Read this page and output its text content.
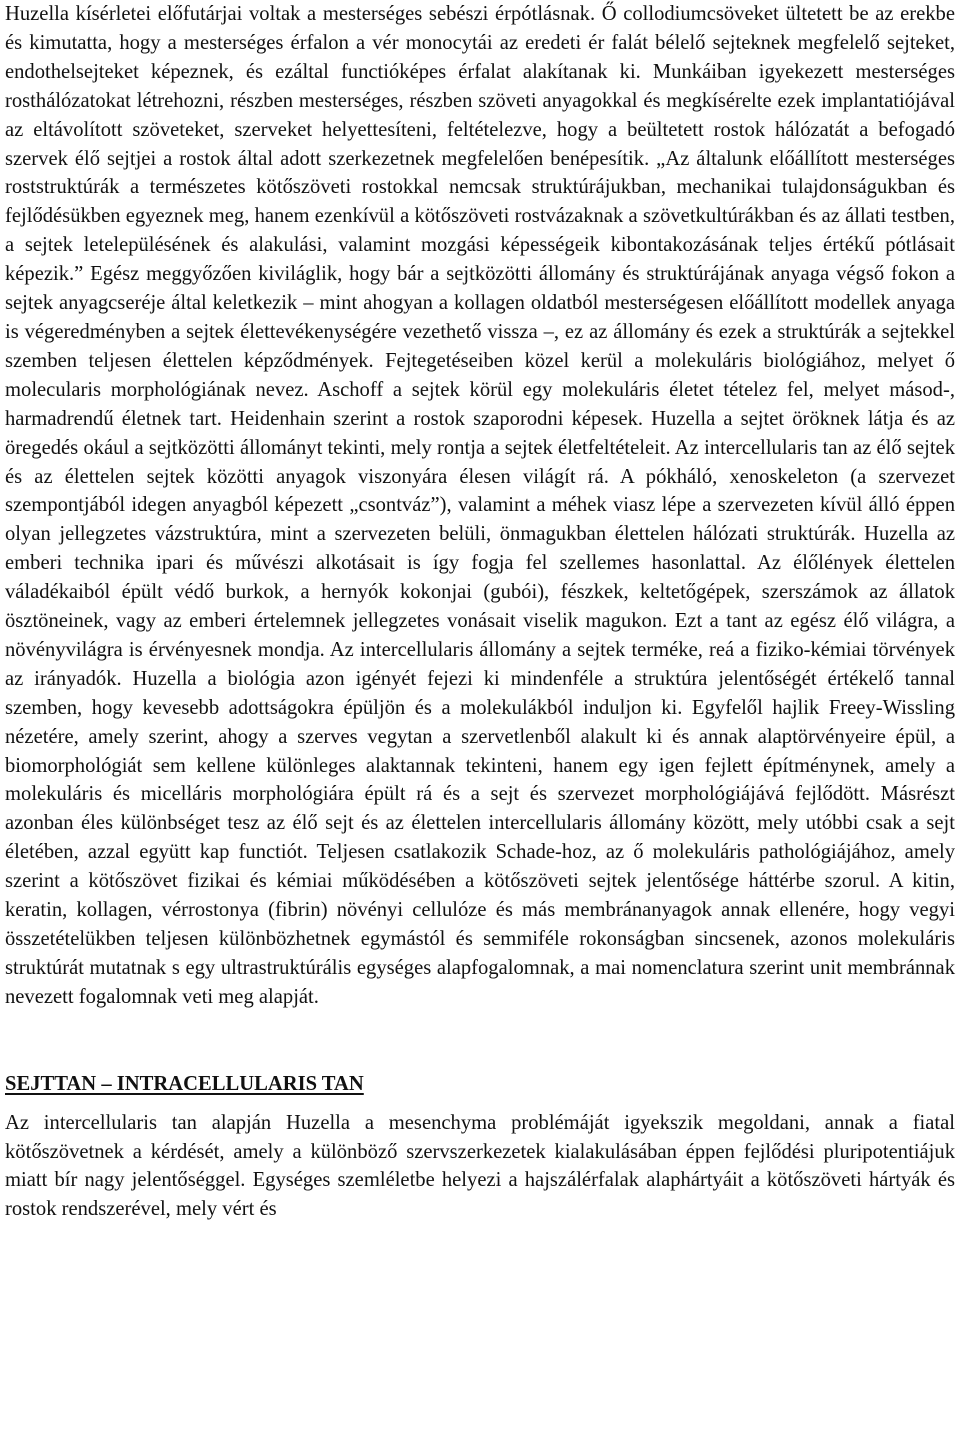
Huzella kísérletei előfutárjai voltak a mesterséges sebészi érpótlásnak. Ő collodiumcsöveket ültetett be az erekbe és kimutatta, hogy a mesterséges érfalon a vér monocytái az eredeti ér falát bélelő sejteknek megfelelő sejteket, endothelsejteket képeznek, és ezáltal functióképes érfalat alakítanak ki. Munkáiban igyekezett mesterséges rosthálózatokat létrehozni, részben mesterséges, részben szöveti anyagokkal és megkísérelte ezek implantatiójával az eltávolított szöveteket, szerveket helyettesíteni, feltételezve, hogy a beültetett rostok hálózatát a befogadó szervek élő sejtjei a rostok által adott szerkezetnek megfelelően benépesítik. „Az általunk előállított mesterséges roststruktúrák a természetes kötőszöveti rostokkal nemcsak struktúrájukban, mechanikai tulajdonságukban és fejlődésükben egyeznek meg, hanem ezenkívül a kötőszöveti rostvázaknak a szövetkultúrákban és az állati testben, a sejtek letelepülésének és alakulási, valamint mozgási képességeik kibontakozásának teljes értékű pótlásait képezik.” Egész meggyőzően kiviláglik, hogy bár a sejtközötti állomány és struktúrájának anyaga végső fokon a sejtek anyagcseréje által keletkezik – mint ahogyan a kollagen oldatból mesterségesen előállított modellek anyaga is végeredményben a sejtek élettevékenységére vezethető vissza –, ez az állomány és ezek a struktúrák a sejtekkel szemben teljesen élettelen képződmények. Fejtegetéseiben közel kerül a molekuláris biológiához, melyet ő molecularis morphológiának nevez. Aschoff a sejtek körül egy molekuláris életet tételez fel, melyet másod-, harmadrendű életnek tart. Heidenhain szerint a rostok szaporodni képesek. Huzella a sejtet öröknek látja és az öregedés okául a sejtközötti állományt tekinti, mely rontja a sejtek életfeltételeit. Az intercellularis tan az élő sejtek és az élettelen sejtek közötti anyagok viszonyára élesen világít rá. A pókháló, xenoskeleton (a szervezet szempontjából idegen anyagból képezett „csontváz”), valamint a méhek viasz lépe a szervezeten kívül álló éppen olyan jellegzetes vázstruktúra, mint a szervezeten belüli, önmagukban élettelen hálózati struktúrák. Huzella az emberi technika ipari és művészi alkotásait is így fogja fel szellemes hasonlattal. Az élőlények élettelen váladékaiból épült védő burkok, a hernyók kokonjai (gubói), fészkek, keltetőgépek, szerszámok az állatok ösztöneinek, vagy az emberi értelemnek jellegzetes vonásait viselik magukon. Ezt a tant az egész élő világra, a növényvilágra is érvényesnek mondja. Az intercellularis állomány a sejtek terméke, reá a fiziko-kémiai törvények az irányadók. Huzella a biológia azon igényét fejezi ki mindenféle a struktúra jelentőségét értékelő tannal szemben, hogy kevesebb adottságokra épüljön és a molekulákból induljon ki. Egyfelől hajlik Freey-Wissling nézetére, amely szerint, ahogy a szerves vegytan a szervetlenből alakult ki és annak alaptörvényeire épül, a biomorphológiát sem kellene különleges alaktannak tekinteni, hanem egy igen fejlett építménynek, amely a molekuláris és micelláris morphológiára épült rá és a sejt és szervezet morphológiájává fejlődött. Másrészt azonban éles különbséget tesz az élő sejt és az élettelen intercellularis állomány között, mely utóbbi csak a sejt életében, azzal együtt kap functiót. Teljesen csatlakozik Schade-hoz, az ő molekuláris pathológiájához, amely szerint a kötőszövet fizikai és kémiai működésében a kötőszöveti sejtek jelentősége háttérbe szorul. A kitin, keratin, kollagen, vérrostonya (fibrin) növényi cellulóze és más membránanyagok annak ellenére, hogy vegyi összetételükben teljesen különbözhetnek egymástól és semmiféle rokonságban sincsenek, azonos molekuláris struktúrát mutatnak s egy ultrastruktúrális egységes alapfogalomnak, a mai nomenclatura szerint unit membránnak nevezett fogalomnak veti meg alapját.

SEJTTAN – INTRACELLULARIS TAN

Az intercellularis tan alapján Huzella a mesenchyma problémáját igyekszik megoldani, annak a fiatal kötőszövetnek a kérdését, amely a különböző szervszerkezetek kialakulásában éppen fejlődési pluripotentiájuk miatt bír nagy jelentőséggel. Egységes szemléletbe helyezi a hajszálérfalak alaphártyáit a kötőszöveti hártyák és rostok rendszerével, mely vért és
